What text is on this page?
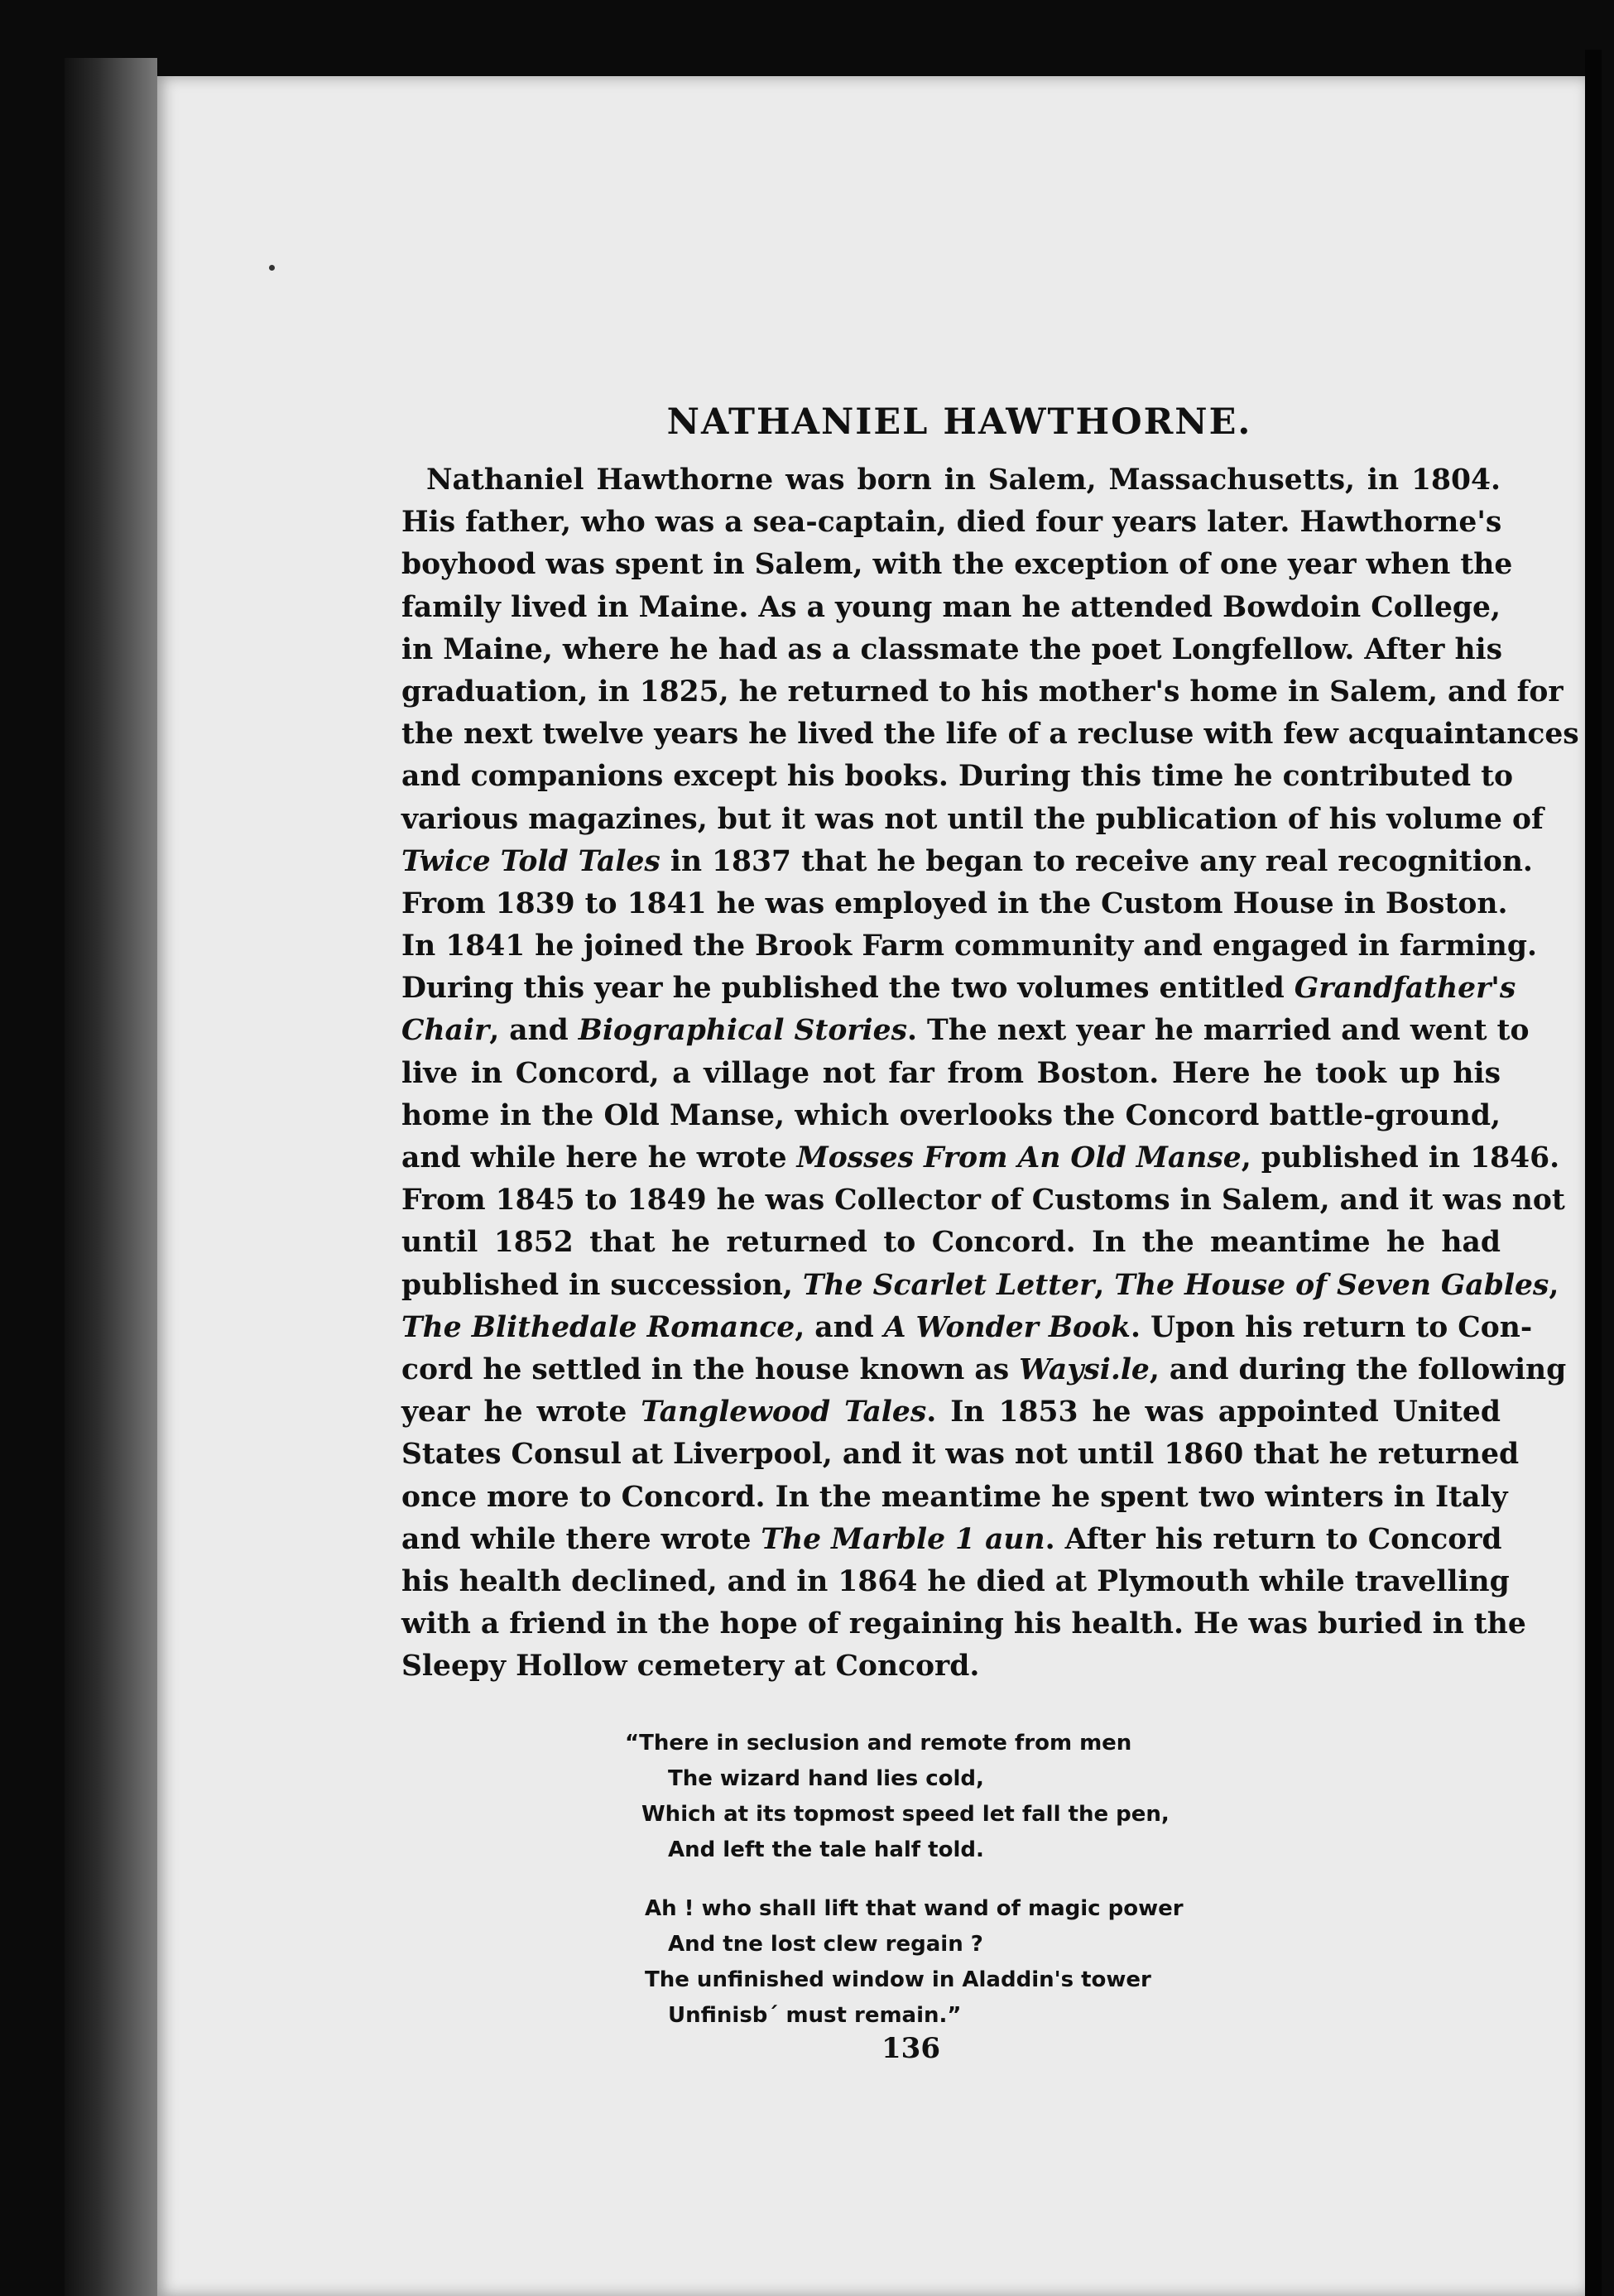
NATHANIEL HAWTHORNE.
Nathaniel Hawthorne was born in Salem, Massachusetts, in 1804.
His father, who was a sea-captain, died four years later. Hawthorne's
boyhood was spent in Salem, with the exception of one year when the
family lived in Maine. As a young man he attended Bowdoin College,
in Maine, where he had as a classmate the poet Longfellow. After his
graduation, in 1825, he returned to his mother's home in Salem, and for
the next twelve years he lived the life of a recluse with few acquaintances
and companions except his books. During this time he contributed to
various magazines, but it was not until the publication of his volume of
Twice Told Tales in 1837 that he began to receive any real recognition.
From 1839 to 1841 he was employed in the Custom House in Boston.
In 1841 he joined the Brook Farm community and engaged in farming.
During this year he published the two volumes entitled Grandfather's
Chair, and Biographical Stories. The next year he married and went to
live in Concord, a village not far from Boston. Here he took up his
home in the Old Manse, which overlooks the Concord battle-ground,
and while here he wrote Mosses From An Old Manse, published in 1846.
From 1845 to 1849 he was Collector of Customs in Salem, and it was not
until 1852 that he returned to Concord. In the meantime he had
published in succession, The Scarlet Letter, The House of Seven Gables,
The Blithedale Romance, and A Wonder Book. Upon his return to Con-
cord he settled in the house known as Waysi.le, and during the following
year he wrote Tanglewood Tales. In 1853 he was appointed United
States Consul at Liverpool, and it was not until 1860 that he returned
once more to Concord. In the meantime he spent two winters in Italy
and while there wrote The Marble 1 aun. After his return to Concord
his health declined, and in 1864 he died at Plymouth while travelling
with a friend in the hope of regaining his health. He was buried in the
Sleepy Hollow cemetery at Concord.
“There in seclusion and remote from men
The wizard hand lies cold,
Which at its topmost speed let fall the pen,
And left the tale half told.
Ah ! who shall lift that wand of magic power
And tne lost clew regain ?
The unfinished window in Aladdin's tower
Unfinisb´ must remain.”
136
